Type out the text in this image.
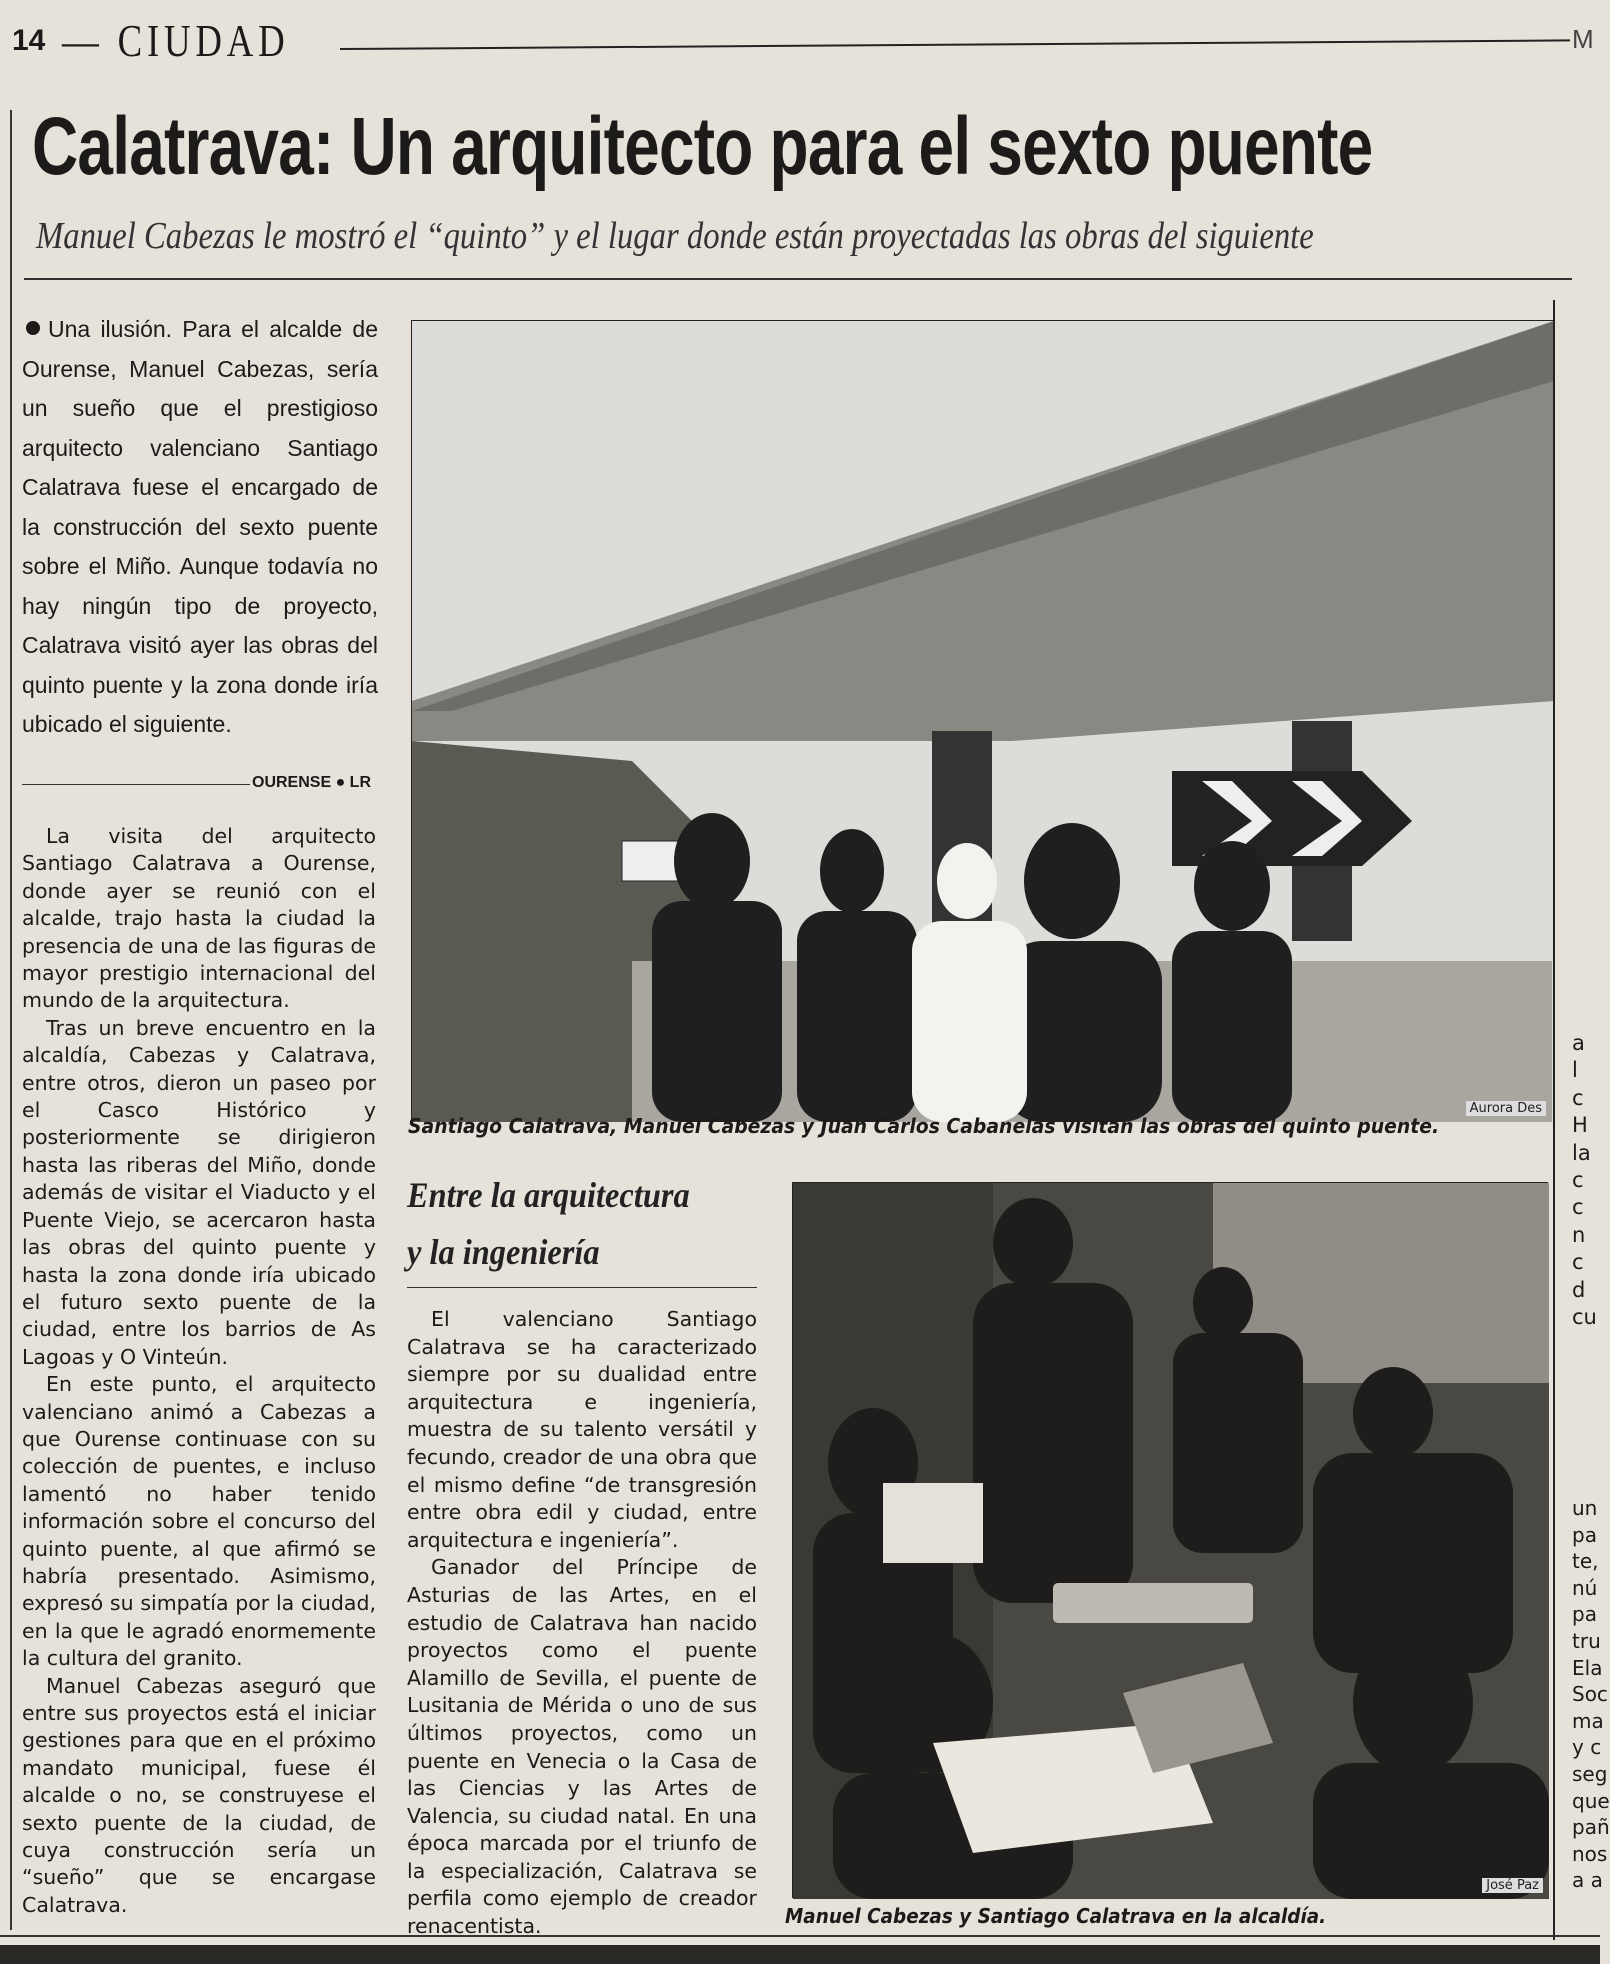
14 — CIUDAD	M
Calatrava: Un arquitecto para el sexto puente
Manuel Cabezas le mostró el “quinto” y el lugar donde están proyectadas las obras del siguiente
Una ilusión. Para el alcalde de Ourense, Manuel Cabezas, sería un sueño que el prestigioso arquitecto valenciano Santiago Calatrava fuese el encargado de la construcción del sexto puente sobre el Miño. Aunque todavía no hay ningún tipo de proyecto, Calatrava visitó ayer las obras del quinto puente y la zona donde iría ubicado el siguiente.
OURENSE ● LR

La visita del arquitecto Santiago Calatrava a Ourense, donde ayer se reunió con el alcalde, trajo hasta la ciudad la presencia de una de las figuras de mayor prestigio internacional del mundo de la arquitectura.

Tras un breve encuentro en la alcaldía, Cabezas y Calatrava, entre otros, dieron un paseo por el Casco Histórico y posteriormente se dirigieron hasta las riberas del Miño, donde además de visitar el Viaducto y el Puente Viejo, se acercaron hasta las obras del quinto puente y hasta la zona donde iría ubicado el futuro sexto puente de la ciudad, entre los barrios de As Lagoas y O Vinteún.

En este punto, el arquitecto valenciano animó a Cabezas a que Ourense continuase con su colección de puentes, e incluso lamentó no haber tenido información sobre el concurso del quinto puente, al que afirmó se habría presentado. Asimismo, expresó su simpatía por la ciudad, en la que le agradó enormemente la cultura del granito.

Manuel Cabezas aseguró que entre sus proyectos está el iniciar gestiones para que en el próximo mandato municipal, fuese él alcalde o no, se construyese el sexto puente de la ciudad, de cuya construcción sería un “sueño” que se encargase Calatrava.

Aurora Des
Santiago Calatrava, Manuel Cabezas y Juan Carlos Cabanelas visitan las obras del quinto puente.
Entre la arquitectura
y la ingeniería

El valenciano Santiago Calatrava se ha caracterizado siempre por su dualidad entre arquitectura e ingeniería, muestra de su talento versátil y fecundo, creador de una obra que el mismo define “de transgresión entre obra edil y ciudad, entre arquitectura e ingeniería”.

Ganador del Príncipe de Asturias de las Artes, en el estudio de Calatrava han nacido proyectos como el puente Alamillo de Sevilla, el puente de Lusitania de Mérida o uno de sus últimos proyectos, como un puente en Venecia o la Casa de las Ciencias y las Artes de Valencia, su ciudad natal. En una época marcada por el triunfo de la especialización, Calatrava se perfila como ejemplo de creador renacentista.

José Paz
Manuel Cabezas y Santiago Calatrava en la alcaldía.
a
l
c
H
la
c
c
n
c
d
cu
un
pa
te,
nú
pa
tru
Ela
Soc
ma
y c
seg
que
pañ
nos
a a
